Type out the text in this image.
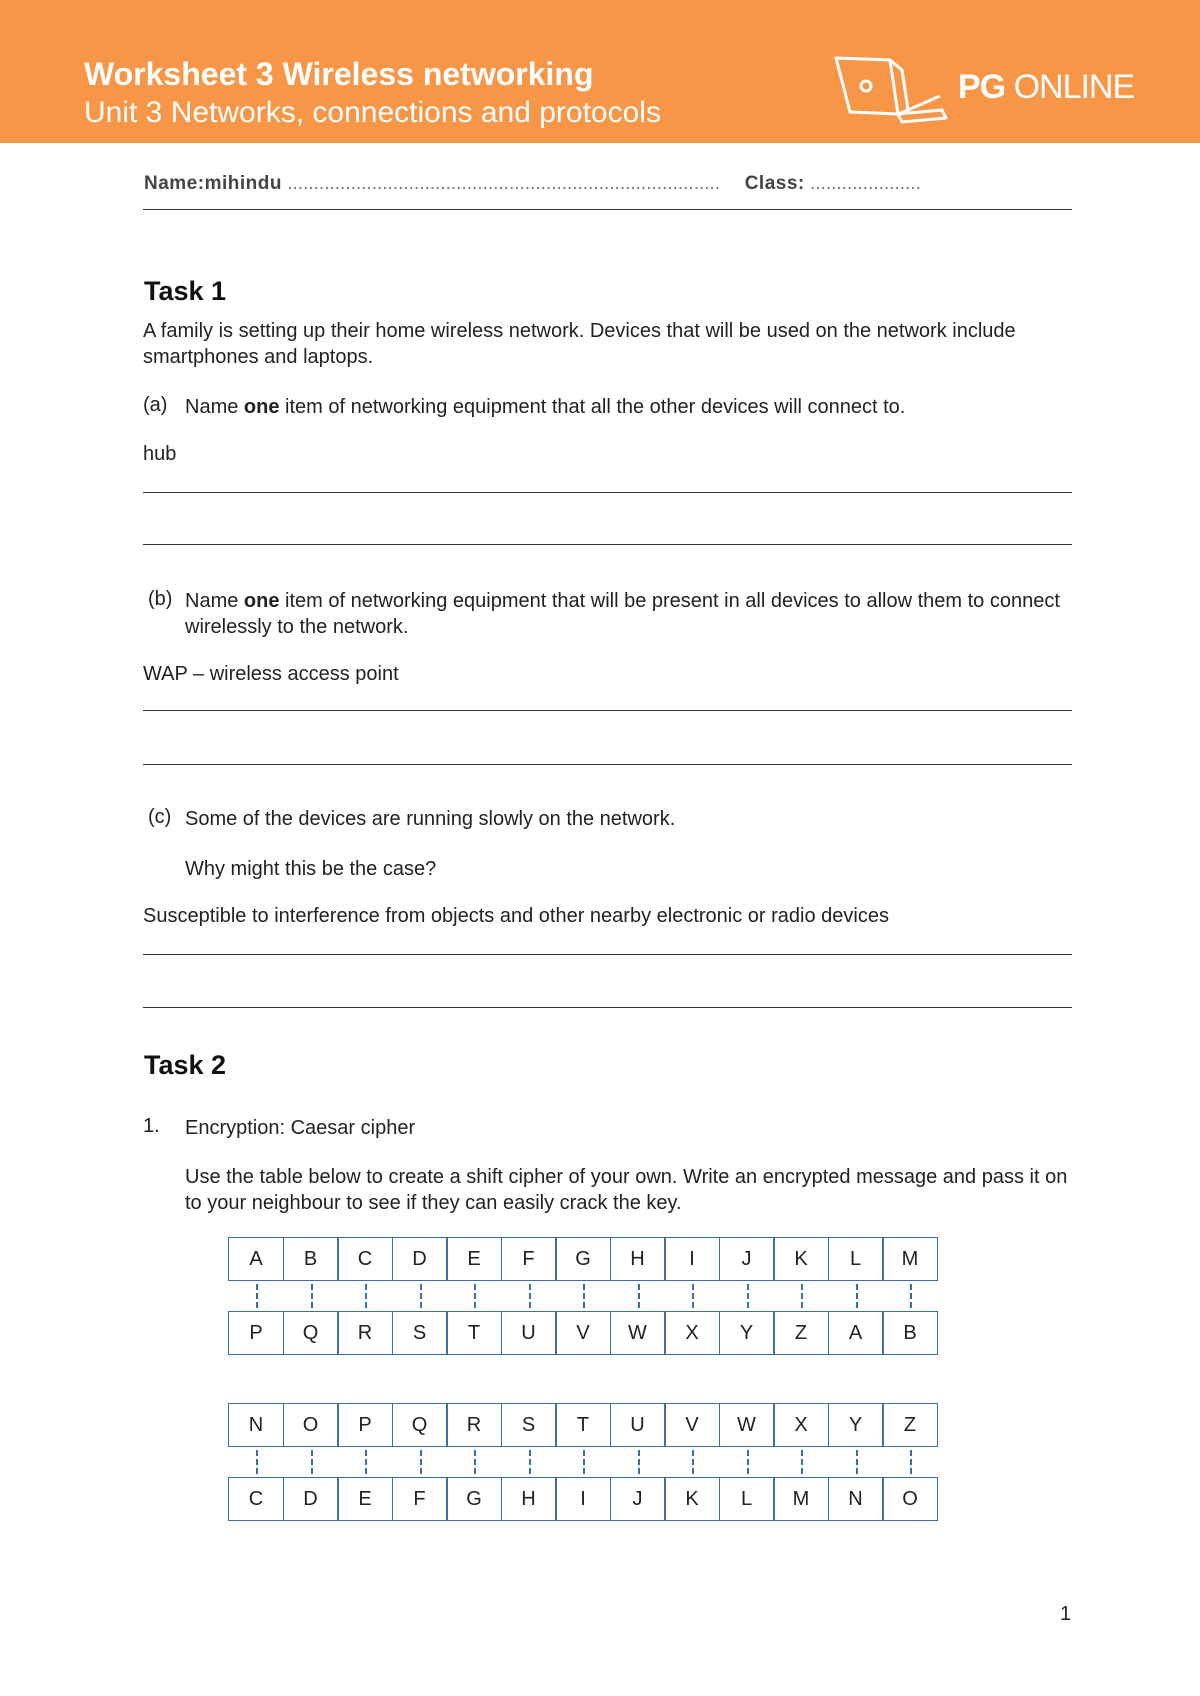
Worksheet 3 Wireless networking
Unit 3 Networks, connections and protocols
PG ONLINE
Name:mihindu .................................................................................. Class: .....................
Task 1
A family is setting up their home wireless network. Devices that will be used on the network include smartphones and laptops.
(a) Name one item of networking equipment that all the other devices will connect to.
hub
(b) Name one item of networking equipment that will be present in all devices to allow them to connect wirelessly to the network.
WAP – wireless access point
(c) Some of the devices are running slowly on the network.
Why might this be the case?
Susceptible to interference from objects and other nearby electronic or radio devices
Task 2
1. Encryption: Caesar cipher
Use the table below to create a shift cipher of your own. Write an encrypted message and pass it on to your neighbour to see if they can easily crack the key.
A	B	C	D	E	F	G	H	I	J	K	L	M
P	Q	R	S	T	U	V	W	X	Y	Z	A	B
N	O	P	Q	R	S	T	U	V	W	X	Y	Z
C	D	E	F	G	H	I	J	K	L	M	N	O
1
